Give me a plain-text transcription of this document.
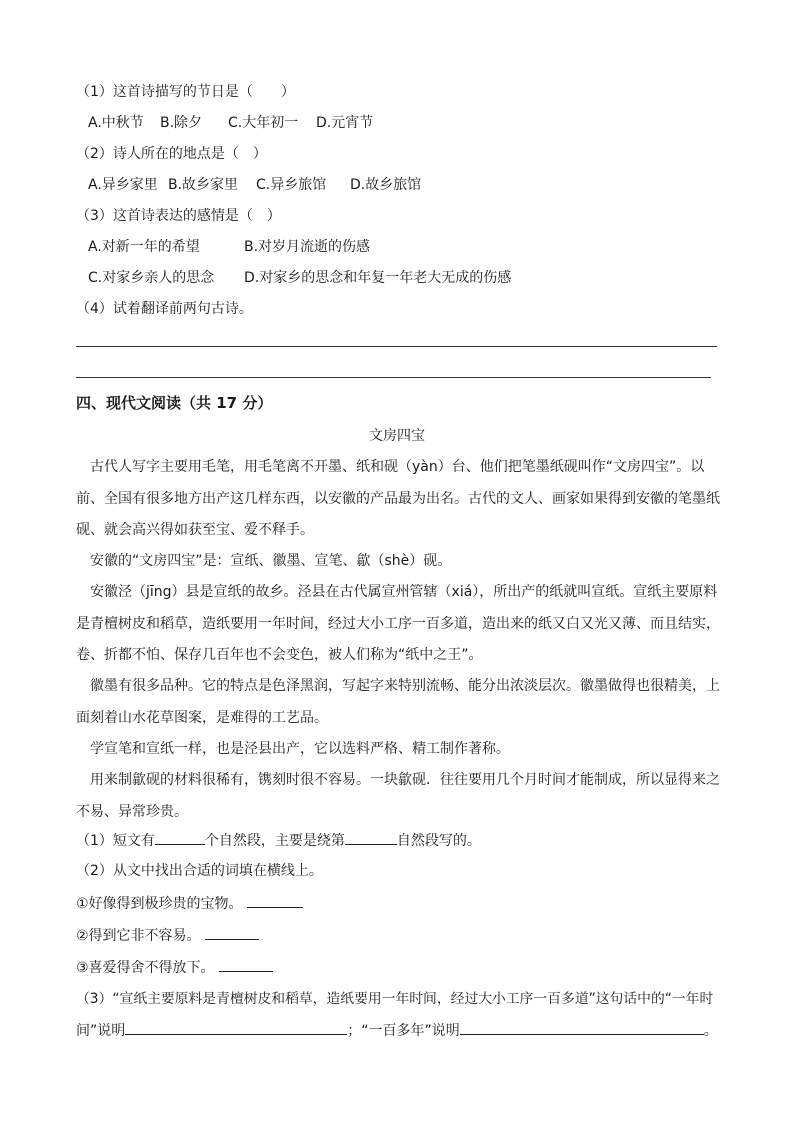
（1）这首诗描写的节日是（　　）
A.中秋节 B.除夕 C.大年初一 D.元宵节
（2）诗人所在的地点是（　）
A.异乡家里 B.故乡家里 C.异乡旅馆 D.故乡旅馆
（3）这首诗表达的感情是（　）
A.对新一年的希望	B.对岁月流逝的伤感
C.对家乡亲人的思念 D.对家乡的思念和年复一年老大无成的伤感
（4）试着翻译前两句古诗。
四、现代文阅读（共 17 分）
文房四宝
古代人写字主要用毛笔，用毛笔离不开墨、纸和砚（yàn）台、他们把笔墨纸砚叫作“文房四宝”。以前、全国有很多地方出产这几样东西，以安徽的产品最为出名。古代的文人、画家如果得到安徽的笔墨纸砚、就会高兴得如获至宝、爱不释手。
安徽的“文房四宝”是：宣纸、徽墨、宣笔、歙（shè）砚。
安徽泾（jīng）县是宣纸的故乡。泾县在古代属宣州管辖（xiá），所出产的纸就叫宣纸。宣纸主要原料是青檀树皮和稻草，造纸要用一年时间，经过大小工序一百多道，造出来的纸又白又光又薄、而且结实，卷、折都不怕、保存几百年也不会变色，被人们称为“纸中之王”。
徽墨有很多品种。它的特点是色泽黑润，写起字来特别流畅、能分出浓淡层次。徽墨做得也很精美，上面刻着山水花草图案，是难得的工艺品。
学宣笔和宣纸一样，也是泾县出产，它以选料严格、精工制作著称。
用来制歙砚的材料很稀有，镌刻时很不容易。一块歙砚．往往要用几个月时间才能制成，所以显得来之不易、异常珍贵。
（1）短文有	个自然段，主要是绕第	自然段写的。
（2）从文中找出合适的词填在横线上。
①好像得到极珍贵的宝物。
②得到它非不容易。
③喜爱得舍不得放下。
（3）“宣纸主要原料是青檀树皮和稻草，造纸要用一年时间，经过大小工序一百多道”这句话中的“一年时
间”说明	；“一百多年”说明	。
